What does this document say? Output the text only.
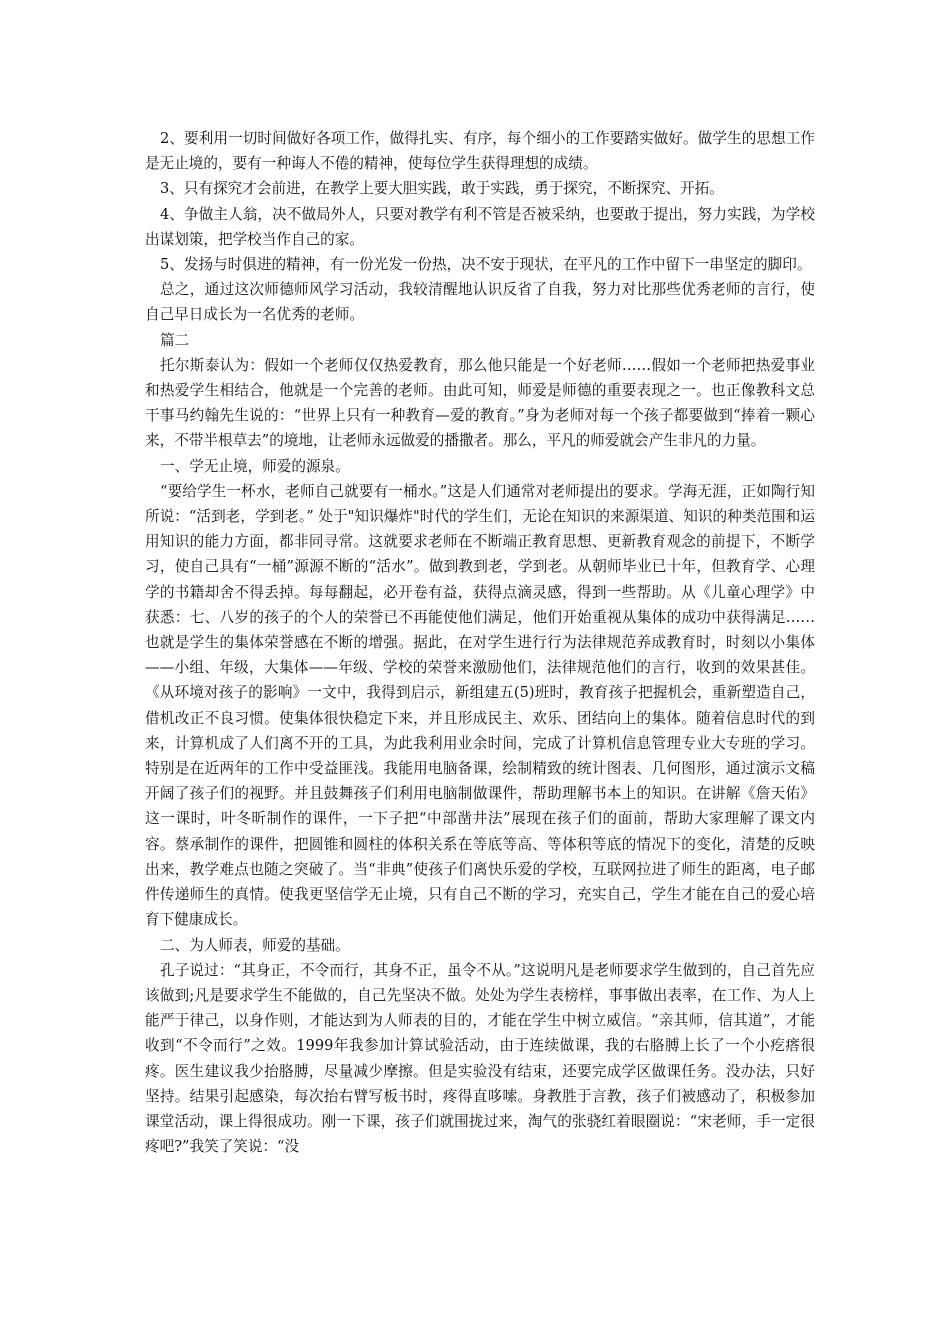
2、要利用一切时间做好各项工作，做得扎实、有序，每个细小的工作要踏实做好。做学生的思想工作是无止境的，要有一种诲人不倦的精神，使每位学生获得理想的成绩。

3、只有探究才会前进，在教学上要大胆实践，敢于实践，勇于探究，不断探究、开拓。

4、争做主人翁，决不做局外人，只要对教学有利不管是否被采纳，也要敢于提出，努力实践，为学校出谋划策，把学校当作自己的家。

5、发扬与时俱进的精神，有一份光发一份热，决不安于现状，在平凡的工作中留下一串坚定的脚印。

总之，通过这次师德师风学习活动，我较清醒地认识反省了自我，努力对比那些优秀老师的言行，使自己早日成长为一名优秀的老师。

篇二

托尔斯泰认为：假如一个老师仅仅热爱教育，那么他只能是一个好老师……假如一个老师把热爱事业和热爱学生相结合，他就是一个完善的老师。由此可知，师爱是师德的重要表现之一。也正像教科文总干事马约翰先生说的：“世界上只有一种教育—爱的教育。”身为老师对每一个孩子都要做到“捧着一颗心来，不带半根草去”的境地，让老师永远做爱的播撒者。那么，平凡的师爱就会产生非凡的力量。

一、学无止境，师爱的源泉。

“要给学生一杯水，老师自己就要有一桶水。”这是人们通常对老师提出的要求。学海无涯，正如陶行知所说：“活到老，学到老。” 处于"知识爆炸"时代的学生们，无论在知识的来源渠道、知识的种类范围和运用知识的能力方面，都非同寻常。这就要求老师在不断端正教育思想、更新教育观念的前提下，不断学习，使自己具有“一桶”源源不断的“活水”。做到教到老，学到老。从朝师毕业已十年，但教育学、心理学的书籍却舍不得丢掉。每每翻起，必开卷有益，获得点滴灵感，得到一些帮助。从《儿童心理学》中获悉：七、八岁的孩子的个人的荣誉已不再能使他们满足，他们开始重视从集体的成功中获得满足……也就是学生的集体荣誉感在不断的增强。据此，在对学生进行行为法律规范养成教育时，时刻以小集体——小组、年级，大集体——年级、学校的荣誉来激励他们，法律规范他们的言行，收到的效果甚佳。《从环境对孩子的影响》一文中，我得到启示，新组建五(5)班时，教育孩子把握机会，重新塑造自己，借机改正不良习惯。使集体很快稳定下来，并且形成民主、欢乐、团结向上的集体。随着信息时代的到来，计算机成了人们离不开的工具，为此我利用业余时间，完成了计算机信息管理专业大专班的学习。特别是在近两年的工作中受益匪浅。我能用电脑备课，绘制精致的统计图表、几何图形，通过演示文稿开阔了孩子们的视野。并且鼓舞孩子们利用电脑制做课件，帮助理解书本上的知识。在讲解《詹天佑》这一课时，叶冬昕制作的课件，一下子把“中部凿井法”展现在孩子们的面前，帮助大家理解了课文内容。蔡承制作的课件，把圆锥和圆柱的体积关系在等底等高、等体积等底的情况下的变化，清楚的反映出来，教学难点也随之突破了。当“非典”使孩子们离快乐爱的学校，互联网拉进了师生的距离，电子邮件传递师生的真情。使我更坚信学无止境，只有自己不断的学习，充实自己，学生才能在自己的爱心培育下健康成长。

二、为人师表，师爱的基础。

孔子说过：“其身正，不令而行，其身不正，虽令不从。”这说明凡是老师要求学生做到的，自己首先应该做到;凡是要求学生不能做的，自己先坚决不做。处处为学生表榜样，事事做出表率，在工作、为人上能严于律己，以身作则，才能达到为人师表的目的，才能在学生中树立威信。“亲其师，信其道”，才能收到“不令而行”之效。1999年我参加计算试验活动，由于连续做课，我的右胳膊上长了一个小疙瘩很疼。医生建议我少抬胳膊，尽量减少摩擦。但是实验没有结束，还要完成学区做课任务。没办法，只好坚持。结果引起感染，每次抬右臂写板书时，疼得直哆嗦。身教胜于言教，孩子们被感动了，积极参加课堂活动，课上得很成功。刚一下课，孩子们就围拢过来，淘气的张骁红着眼圈说：“宋老师，手一定很疼吧?”我笑了笑说：“没
